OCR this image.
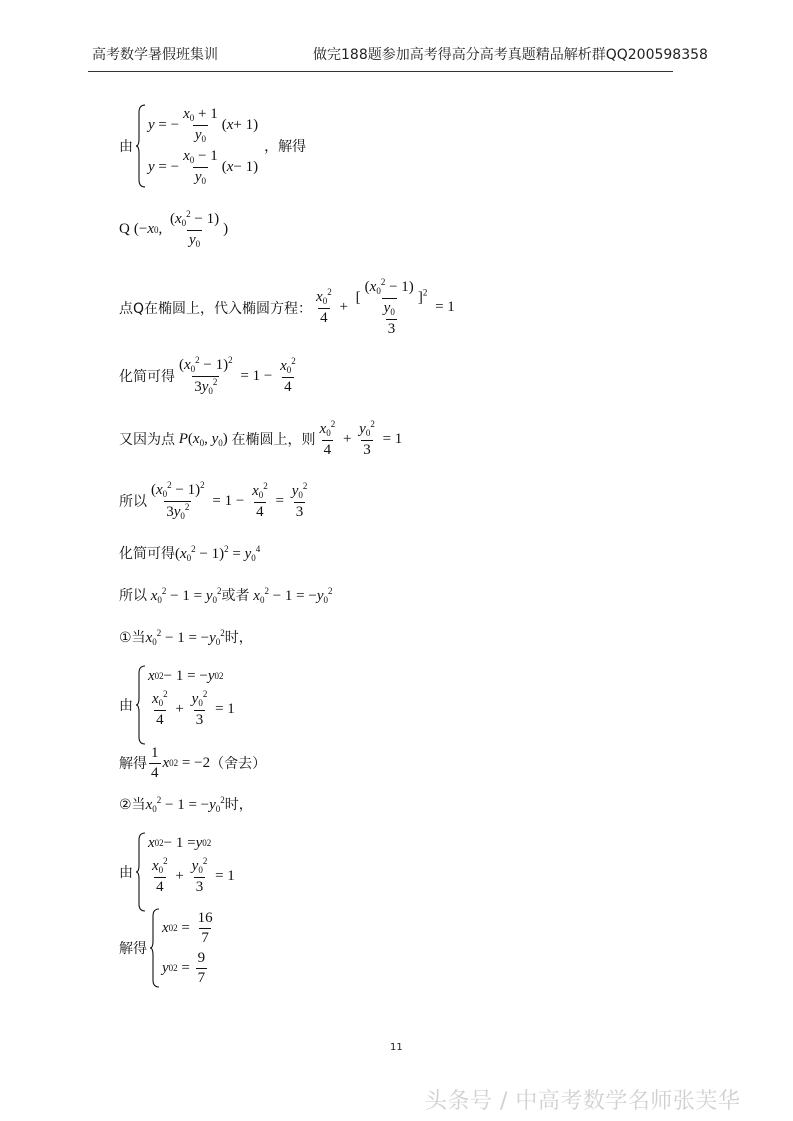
高考数学暑假班集训	做完188题参加高考得高分高考真题精品解析群QQ200598358
由
y = − $\frac{x_0 + 1}{y_0}$ ( x + 1)
y = − $\frac{x_0 - 1}{y_0}$ ( x − 1)
，解得
Q (− x 0 , $\frac{(x_0^2 - 1)}{y_0}$ )
点Q在椭圆上，代入椭圆方程： $\frac{x_0^2}{4} + \frac{[ \frac{(x_0^2 - 1)}{y_0} ]^2}{3} = 1$
化简可得 $\frac{(x_0^2 - 1)^2}{3y_0^2} = 1 - \frac{x_0^2}{4}$
又因为点 $P(x_0$, $y_0$) 在椭圆上，则 $\frac{x_0^2}{4} + \frac{y_0^2}{3} = 1$
所以 $\frac{(x_0^2 - 1)^2}{3y_0^2} = 1 - \frac{x_0^2}{4} = \frac{y_0^2}{3}$
化简可得 $(x_0^2 - 1)^2 = y_0^4$
所以 $x_0^2 - 1 = y_0^2$ 或者 $x_0^2 - 1 = -y_0^2$
①当 $x_0^2 - 1 = -y_0^2$ 时，
由
x 0 2 − 1 = − y 0 2
$\frac{x_0^2}{4} + \frac{y_0^2}{3} = 1$
解得 $\frac{1}{4}$ x 0 2 = −2 （舍去）
②当 $x_0^2 - 1 = -y_0^2$ 时，
由
x 0 2 − 1 = y 0 2
$\frac{x_0^2}{4} + \frac{y_0^2}{3} = 1$
解得
x 0 $2 = \frac{16}{7}$
y 0 $2 = \frac{9}{7}$
11
头条号 / 中高考数学名师张芙华
